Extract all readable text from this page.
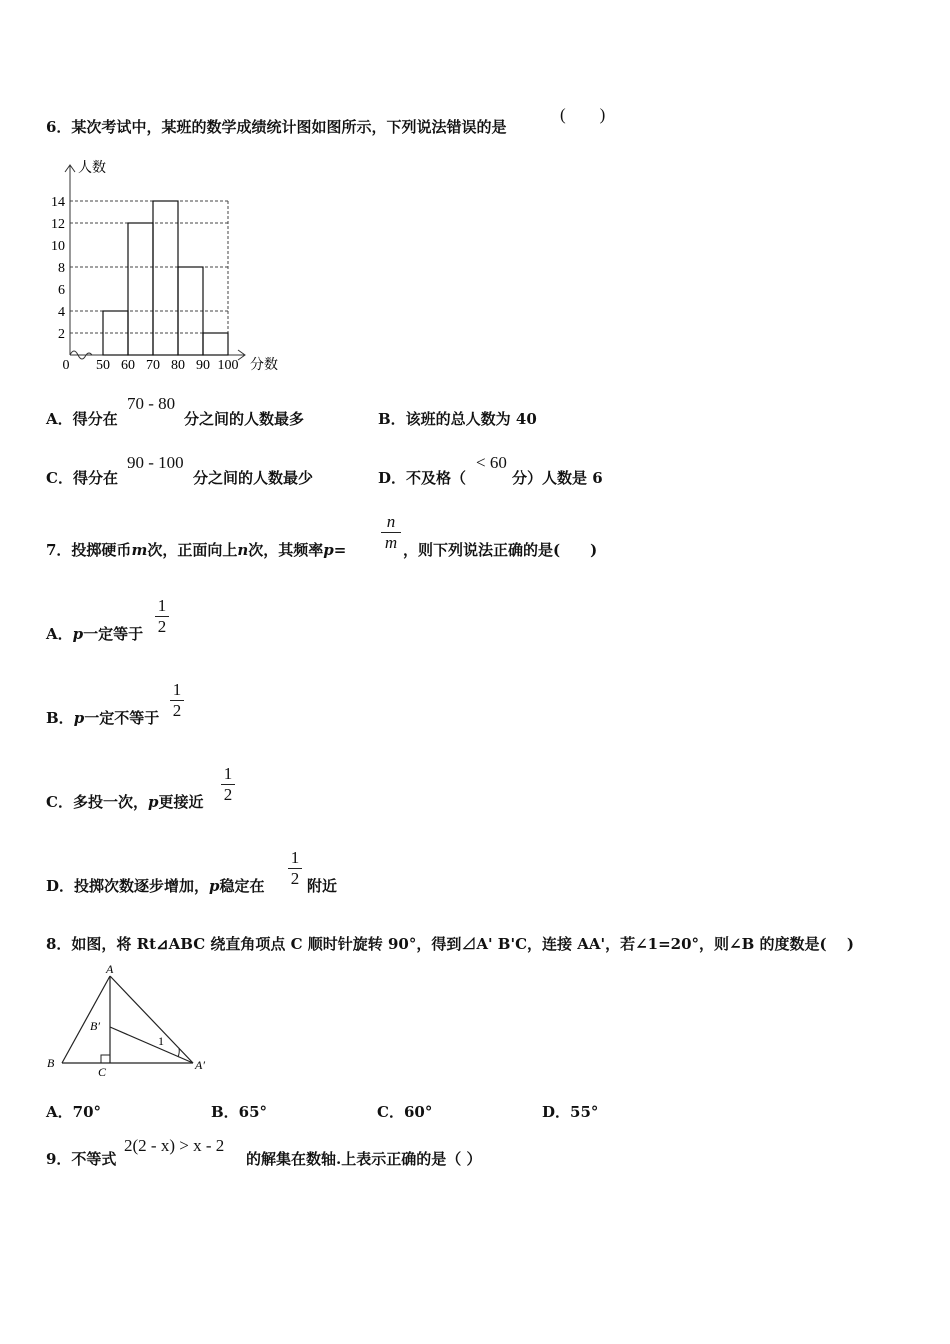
6．某次考试中，某班的数学成绩统计图如图所示，下列说法错误的是
(　　)
人数
分数
2
4
6
8
10
12
14
0 50 60 70 80 90 100
A．得分在
70 - 80
分之间的人数最多	B．该班的总人数为 40
C．得分在
90 - 100
分之间的人数最少	D．不及格（
< 60
分）人数是 6
7．投掷硬币m次，正面向上n次，其频率p=
n
m ，则下列说法正确的是(　　)
A．p一定等于
1
2
B．p一定不等于
1
2
C．多投一次，p更接近
1
2
D．投掷次数逐步增加，p稳定在
1
2 附近
8．如图，将 Rt⊿ABC 绕直角项点 C 顺时针旋转 90°，得到⊿A' B'C，连接 AA'，若∠1=20°，则∠B 的度数是(　 )
A
B
C
B′
A′
1
A．70°	B．65°	C．60°	D．55°
9．不等式
2(2 - x) > x - 2
的解集在数轴.上表示正确的是（ ）
